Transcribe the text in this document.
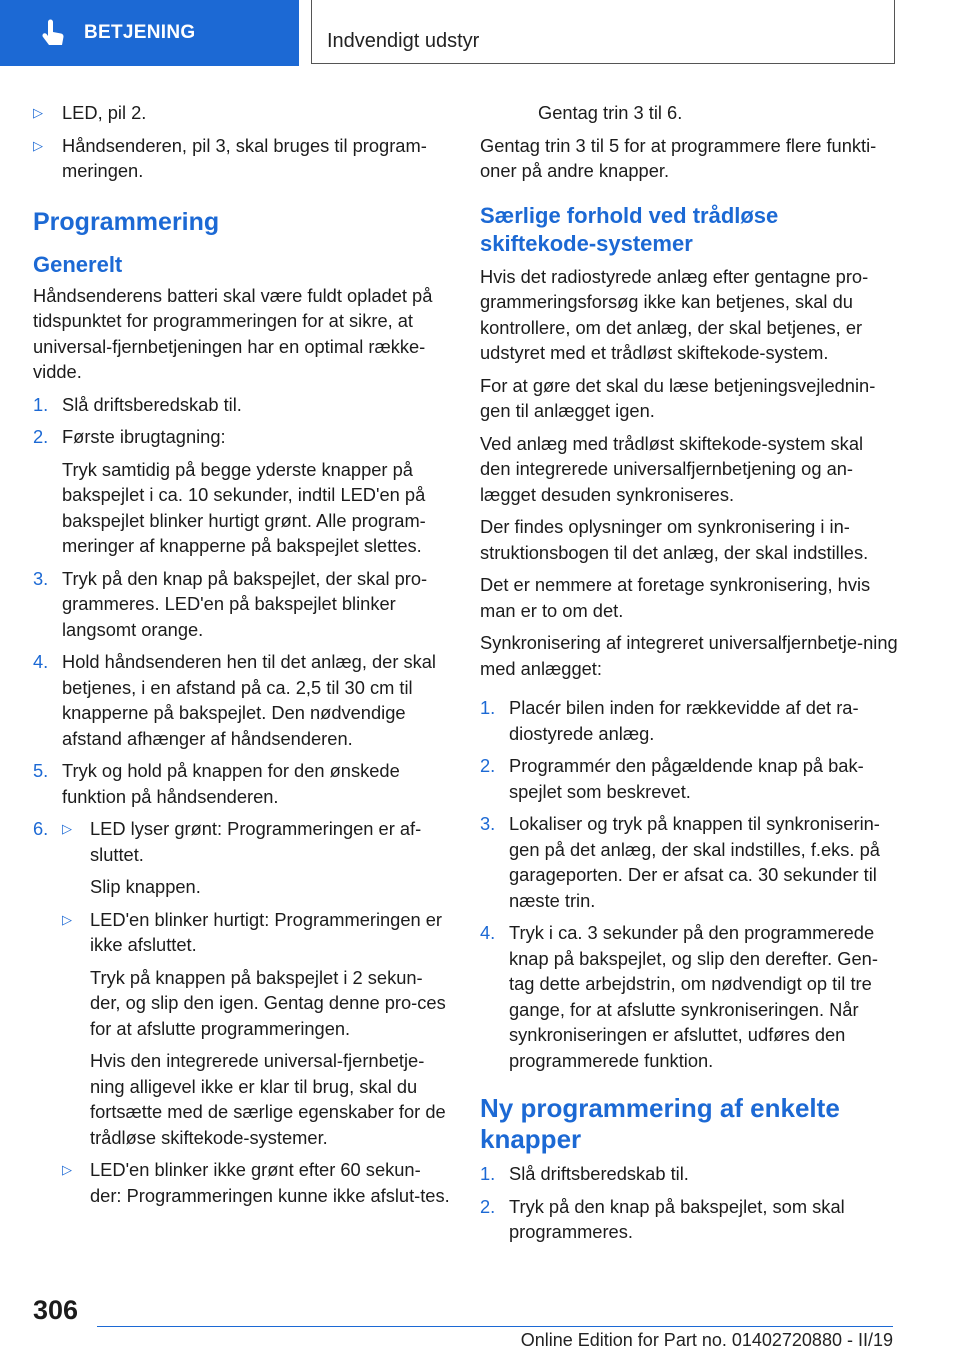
BETJENING	Indvendigt udstyr
▷ LED, pil 2.
▷ Håndsenderen, pil 3, skal bruges til program-meringen.
Programmering
Generelt
Håndsenderens batteri skal være fuldt opladet på tidspunktet for programmeringen for at sikre, at universal-fjernbetjeningen har en optimal række-vidde.
1. Slå driftsberedskab til.
2. Første ibrugtagning:
Tryk samtidig på begge yderste knapper på bakspejlet i ca. 10 sekunder, indtil LED'en på bakspejlet blinker hurtigt grønt. Alle program-meringer af knapperne på bakspejlet slettes.
3. Tryk på den knap på bakspejlet, der skal pro-grammeres. LED'en på bakspejlet blinker langsomt orange.
4. Hold håndsenderen hen til det anlæg, der skal betjenes, i en afstand på ca. 2,5 til 30 cm til knapperne på bakspejlet. Den nødvendige afstand afhænger af håndsenderen.
5. Tryk og hold på knappen for den ønskede funktion på håndsenderen.
6. ▷ LED lyser grønt: Programmeringen er af-sluttet.
Slip knappen.
▷ LED'en blinker hurtigt: Programmeringen er ikke afsluttet.
Tryk på knappen på bakspejlet i 2 sekun-der, og slip den igen. Gentag denne pro-ces for at afslutte programmeringen.
Hvis den integrerede universal-fjernbetje-ning alligevel ikke er klar til brug, skal du fortsætte med de særlige egenskaber for de trådløse skiftekode-systemer.
▷ LED'en blinker ikke grønt efter 60 sekun-der: Programmeringen kunne ikke afslut-tes.
Gentag trin 3 til 6.
Gentag trin 3 til 5 for at programmere flere funkti-oner på andre knapper.
Særlige forhold ved trådløse skiftekode-systemer
Hvis det radiostyrede anlæg efter gentagne pro-grammeringsforsøg ikke kan betjenes, skal du kontrollere, om det anlæg, der skal betjenes, er udstyret med et trådløst skiftekode-system.
For at gøre det skal du læse betjeningsvejlednin-gen til anlægget igen.
Ved anlæg med trådløst skiftekode-system skal den integrerede universalfjernbetjening og an-lægget desuden synkroniseres.
Der findes oplysninger om synkronisering i in-struktionsbogen til det anlæg, der skal indstilles.
Det er nemmere at foretage synkronisering, hvis man er to om det.
Synkronisering af integreret universalfjernbetje-ning med anlægget:
1. Placér bilen inden for rækkevidde af det ra-diostyrede anlæg.
2. Programmér den pågældende knap på bak-spejlet som beskrevet.
3. Lokaliser og tryk på knappen til synkroniserin-gen på det anlæg, der skal indstilles, f.eks. på garageporten. Der er afsat ca. 30 sekunder til næste trin.
4. Tryk i ca. 3 sekunder på den programmerede knap på bakspejlet, og slip den derefter. Gen-tag dette arbejdstrin, om nødvendigt op til tre gange, for at afslutte synkroniseringen. Når synkroniseringen er afsluttet, udføres den programmerede funktion.
Ny programmering af enkelte knapper
1. Slå driftsberedskab til.
2. Tryk på den knap på bakspejlet, som skal programmeres.
306
Online Edition for Part no. 01402720880 - II/19
